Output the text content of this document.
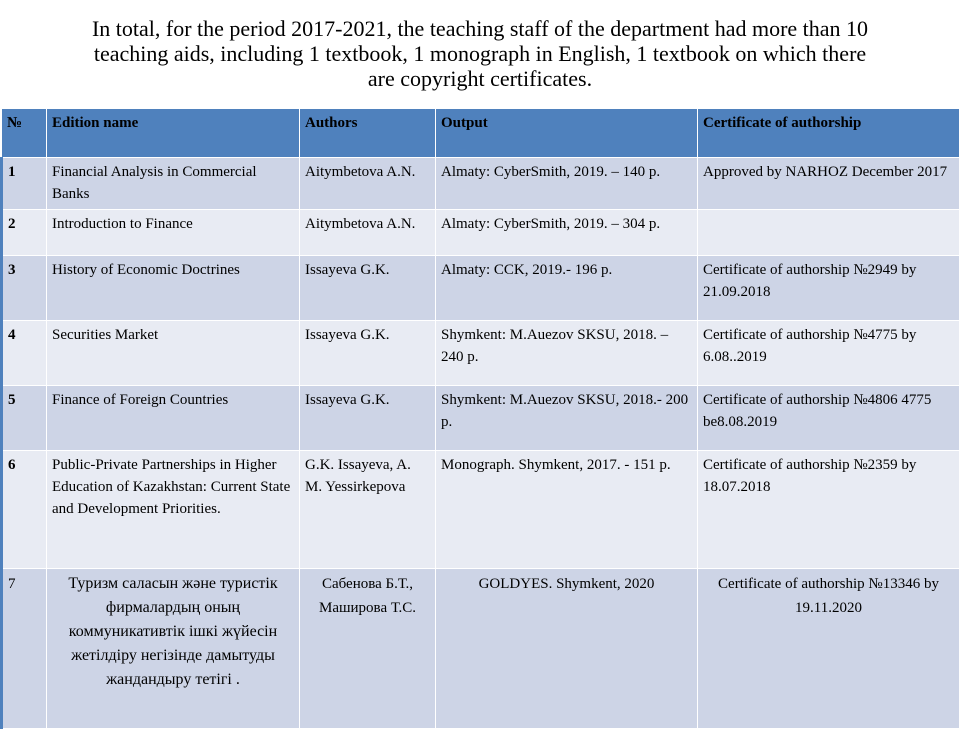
In total, for the period 2017-2021, the teaching staff of the department had more than 10
teaching aids, including 1 textbook, 1 monograph in English, 1 textbook on which there
are copyright certificates.
№	Edition name	Authors	Output	Certificate of authorship
1	Financial Analysis in Commercial Banks	Aitymbetova A.N.	Almaty: CyberSmith, 2019. – 140 p.	Approved by NARHOZ December 2017
2	Introduction to Finance	Aitymbetova A.N.	Almaty: CyberSmith, 2019. – 304 p.	
3	History of Economic Doctrines	Issayeva G.K.	Almaty: CCK, 2019.- 196 p.	Certificate of authorship №2949 by 21.09.2018
4	Securities Market	Issayeva G.K.	Shymkent: M.Auezov SKSU, 2018. – 240 p.	Certificate of authorship №4775 by 6.08..2019
5	Finance of Foreign Countries	Issayeva G.K.	Shymkent: M.Auezov SKSU, 2018.- 200 p.	Certificate of authorship №4806 4775 be8.08.2019
6	Public-Private Partnerships in Higher Education of Kazakhstan: Current State and Development Priorities.	G.K. Issayeva, A. M. Yessirkepova	Monograph. Shymkent, 2017. - 151 p.	Certificate of authorship №2359 by 18.07.2018
7	Туризм саласын және туристік фирмалардың оның коммуникативтік ішкі жүйесін жетілдіру негізінде дамытуды жандандыру тетігі .	Сабенова Б.Т., Маширова Т.С.	GOLDYES. Shymkent, 2020	Certificate of authorship №13346 by 19.11.2020
